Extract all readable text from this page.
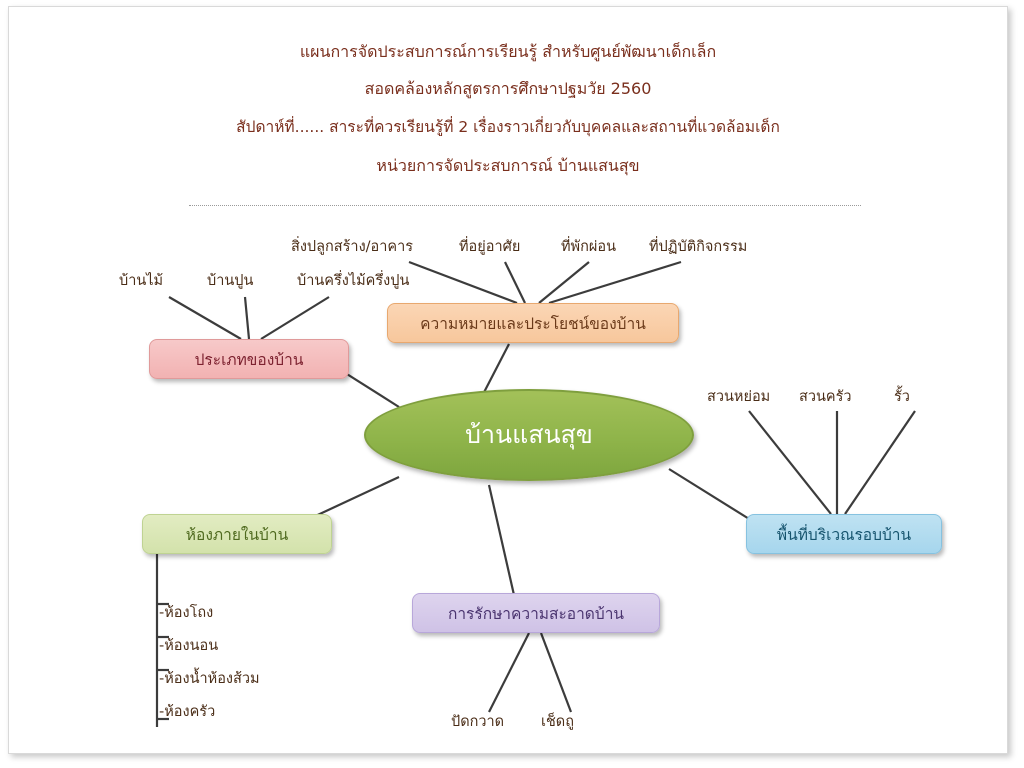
แผนการจัดประสบการณ์การเรียนรู้ สำหรับศูนย์พัฒนาเด็กเล็ก
สอดคล้องหลักสูตรการศึกษาปฐมวัย 2560
สัปดาห์ที่...... สาระที่ควรเรียนรู้ที่ 2 เรื่องราวเกี่ยวกับบุคคลและสถานที่แวดล้อมเด็ก
หน่วยการจัดประสบการณ์ บ้านแสนสุข
บ้านแสนสุข
ความหมายและประโยชน์ของบ้าน
ประเภทของบ้าน
ห้องภายในบ้าน
การรักษาความสะอาดบ้าน
พื้นที่บริเวณรอบบ้าน
สิ่งปลูกสร้าง/อาคาร	ที่อยู่อาศัย	ที่พักผ่อน ที่ปฏิบัติกิจกรรม
บ้านไม้	บ้านปูน	บ้านครึ่งไม้ครึ่งปูน
สวนหย่อม สวนครัว	รั้ว
ปัดกวาด	เช็ดถู
-ห้องโถง
-ห้องนอน
-ห้องน้ำห้องส้วม
-ห้องครัว
